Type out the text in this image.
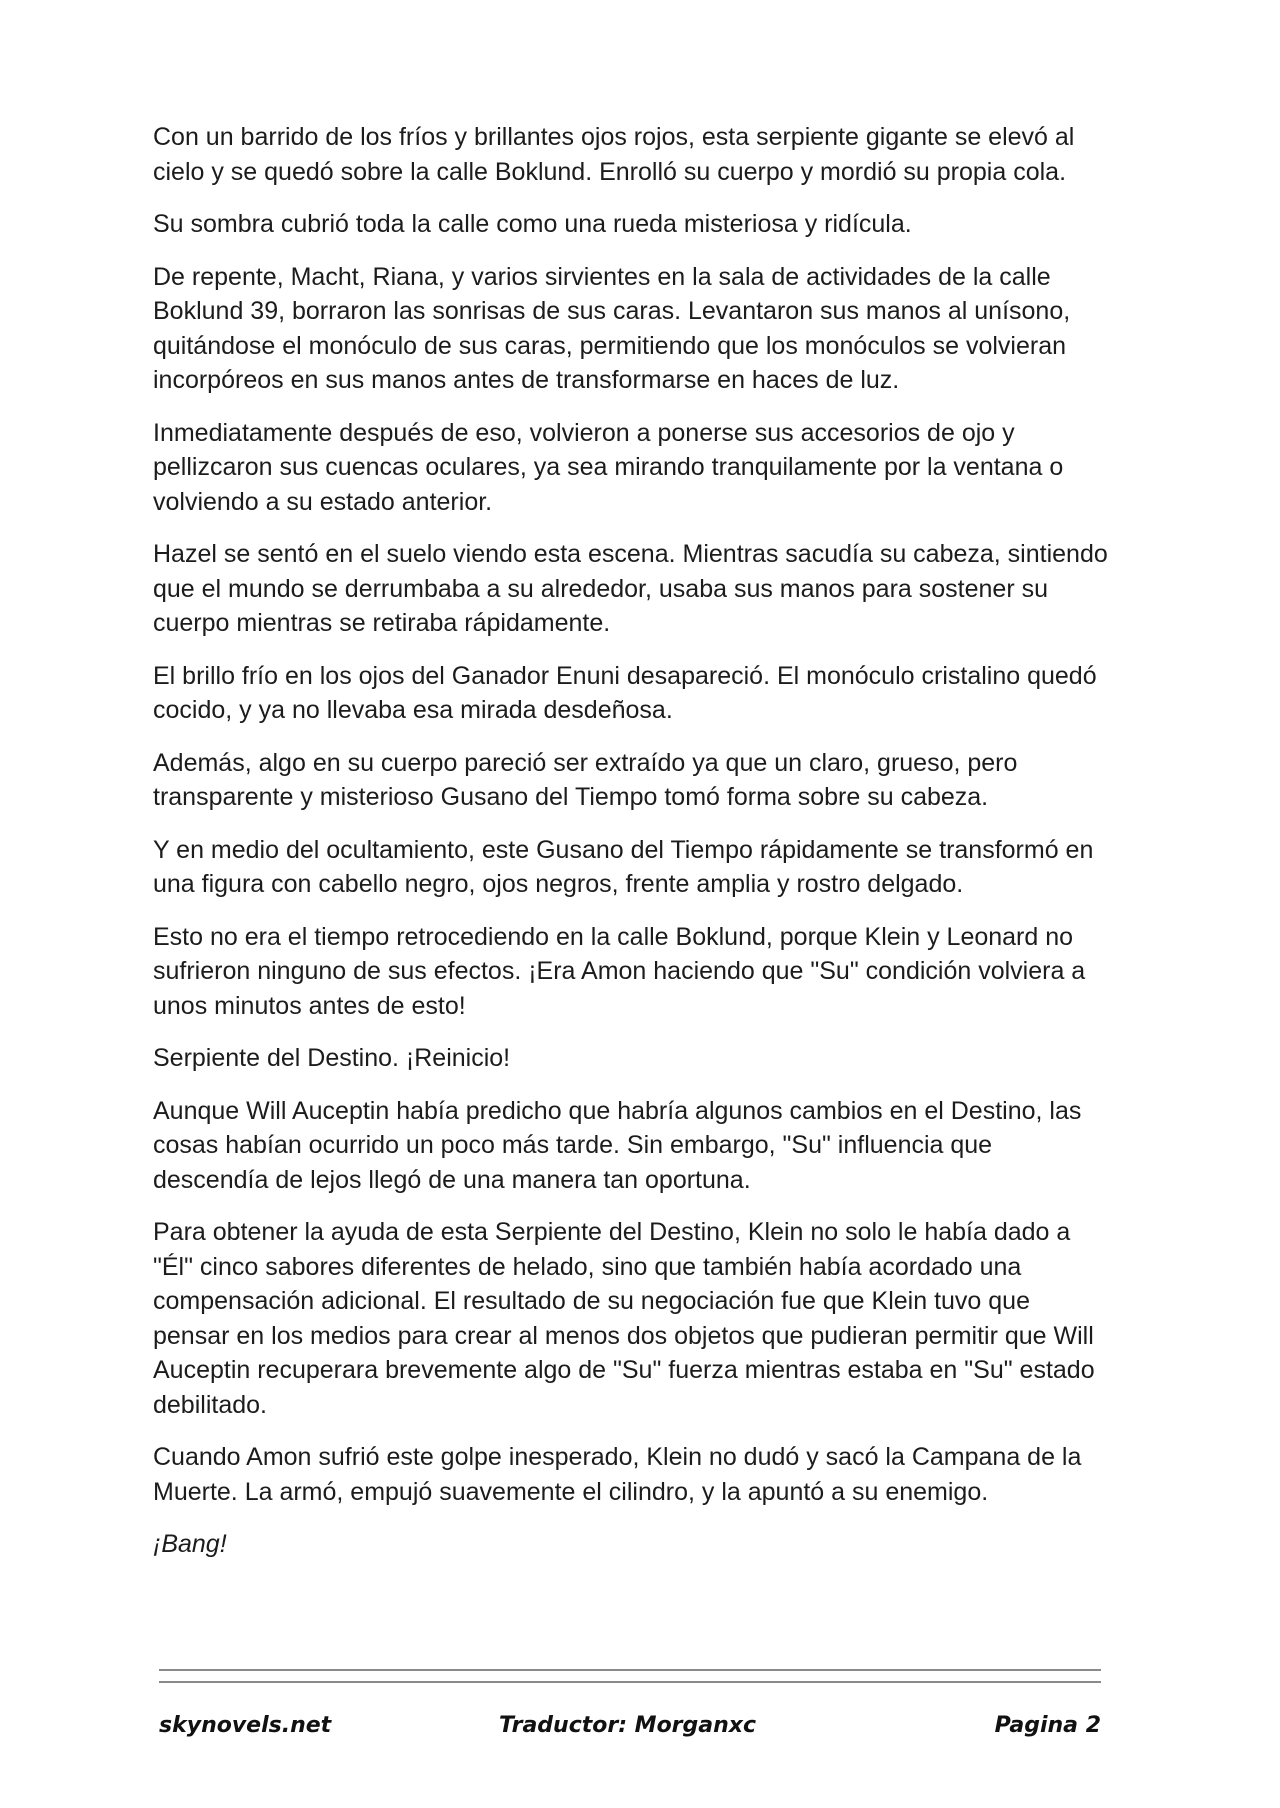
Con un barrido de los fríos y brillantes ojos rojos, esta serpiente gigante se elevó al cielo y se quedó sobre la calle Boklund. Enrolló su cuerpo y mordió su propia cola.

Su sombra cubrió toda la calle como una rueda misteriosa y ridícula.

De repente, Macht, Riana, y varios sirvientes en la sala de actividades de la calle Boklund 39, borraron las sonrisas de sus caras. Levantaron sus manos al unísono, quitándose el monóculo de sus caras, permitiendo que los monóculos se volvieran incorpóreos en sus manos antes de transformarse en haces de luz.

Inmediatamente después de eso, volvieron a ponerse sus accesorios de ojo y pellizcaron sus cuencas oculares, ya sea mirando tranquilamente por la ventana o volviendo a su estado anterior.

Hazel se sentó en el suelo viendo esta escena. Mientras sacudía su cabeza, sintiendo que el mundo se derrumbaba a su alrededor, usaba sus manos para sostener su cuerpo mientras se retiraba rápidamente.

El brillo frío en los ojos del Ganador Enuni desapareció. El monóculo cristalino quedó cocido, y ya no llevaba esa mirada desdeñosa.

Además, algo en su cuerpo pareció ser extraído ya que un claro, grueso, pero transparente y misterioso Gusano del Tiempo tomó forma sobre su cabeza.

Y en medio del ocultamiento, este Gusano del Tiempo rápidamente se transformó en una figura con cabello negro, ojos negros, frente amplia y rostro delgado.

Esto no era el tiempo retrocediendo en la calle Boklund, porque Klein y Leonard no sufrieron ninguno de sus efectos. ¡Era Amon haciendo que "Su" condición volviera a unos minutos antes de esto!

Serpiente del Destino. ¡Reinicio!

Aunque Will Auceptin había predicho que habría algunos cambios en el Destino, las cosas habían ocurrido un poco más tarde. Sin embargo, "Su" influencia que descendía de lejos llegó de una manera tan oportuna.

Para obtener la ayuda de esta Serpiente del Destino, Klein no solo le había dado a "Él" cinco sabores diferentes de helado, sino que también había acordado una compensación adicional. El resultado de su negociación fue que Klein tuvo que pensar en los medios para crear al menos dos objetos que pudieran permitir que Will Auceptin recuperara brevemente algo de "Su" fuerza mientras estaba en "Su" estado debilitado.

Cuando Amon sufrió este golpe inesperado, Klein no dudó y sacó la Campana de la Muerte. La armó, empujó suavemente el cilindro, y la apuntó a su enemigo.

¡Bang!

skynovels.net	Traductor: Morganxc	Pagina 2
